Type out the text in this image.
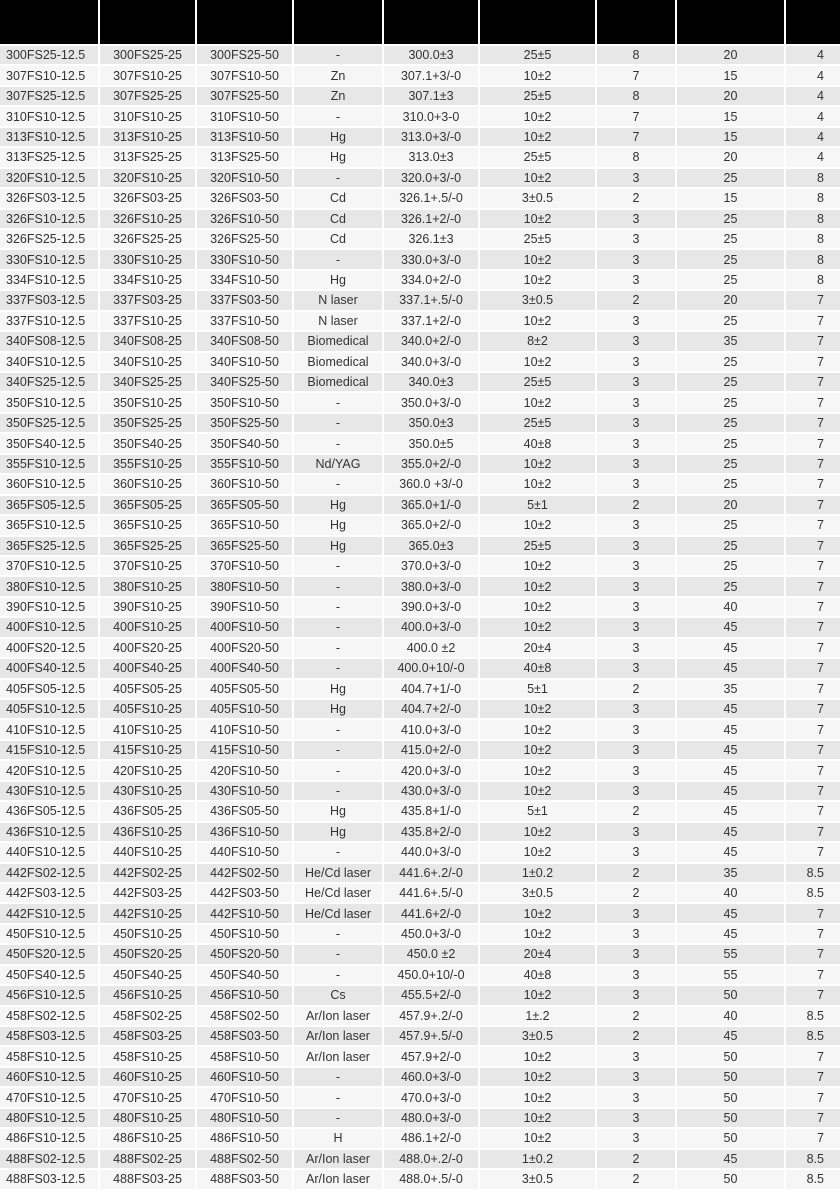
300FS25-12.5	300FS25-25	300FS25-50	-	300.0±3	25±5	8	20	4
307FS10-12.5	307FS10-25	307FS10-50	Zn	307.1+3/-0	10±2	7	15	4
307FS25-12.5	307FS25-25	307FS25-50	Zn	307.1±3	25±5	8	20	4
310FS10-12.5	310FS10-25	310FS10-50	-	310.0+3-0	10±2	7	15	4
313FS10-12.5	313FS10-25	313FS10-50	Hg	313.0+3/-0	10±2	7	15	4
313FS25-12.5	313FS25-25	313FS25-50	Hg	313.0±3	25±5	8	20	4
320FS10-12.5	320FS10-25	320FS10-50	-	320.0+3/-0	10±2	3	25	8
326FS03-12.5	326FS03-25	326FS03-50	Cd	326.1+.5/-0	3±0.5	2	15	8
326FS10-12.5	326FS10-25	326FS10-50	Cd	326.1+2/-0	10±2	3	25	8
326FS25-12.5	326FS25-25	326FS25-50	Cd	326.1±3	25±5	3	25	8
330FS10-12.5	330FS10-25	330FS10-50	-	330.0+3/-0	10±2	3	25	8
334FS10-12.5	334FS10-25	334FS10-50	Hg	334.0+2/-0	10±2	3	25	8
337FS03-12.5	337FS03-25	337FS03-50	N laser	337.1+.5/-0	3±0.5	2	20	7
337FS10-12.5	337FS10-25	337FS10-50	N laser	337.1+2/-0	10±2	3	25	7
340FS08-12.5	340FS08-25	340FS08-50	Biomedical	340.0+2/-0	8±2	3	35	7
340FS10-12.5	340FS10-25	340FS10-50	Biomedical	340.0+3/-0	10±2	3	25	7
340FS25-12.5	340FS25-25	340FS25-50	Biomedical	340.0±3	25±5	3	25	7
350FS10-12.5	350FS10-25	350FS10-50	-	350.0+3/-0	10±2	3	25	7
350FS25-12.5	350FS25-25	350FS25-50	-	350.0±3	25±5	3	25	7
350FS40-12.5	350FS40-25	350FS40-50	-	350.0±5	40±8	3	25	7
355FS10-12.5	355FS10-25	355FS10-50	Nd/YAG	355.0+2/-0	10±2	3	25	7
360FS10-12.5	360FS10-25	360FS10-50	-	360.0 +3/-0	10±2	3	25	7
365FS05-12.5	365FS05-25	365FS05-50	Hg	365.0+1/-0	5±1	2	20	7
365FS10-12.5	365FS10-25	365FS10-50	Hg	365.0+2/-0	10±2	3	25	7
365FS25-12.5	365FS25-25	365FS25-50	Hg	365.0±3	25±5	3	25	7
370FS10-12.5	370FS10-25	370FS10-50	-	370.0+3/-0	10±2	3	25	7
380FS10-12.5	380FS10-25	380FS10-50	-	380.0+3/-0	10±2	3	25	7
390FS10-12.5	390FS10-25	390FS10-50	-	390.0+3/-0	10±2	3	40	7
400FS10-12.5	400FS10-25	400FS10-50	-	400.0+3/-0	10±2	3	45	7
400FS20-12.5	400FS20-25	400FS20-50	-	400.0 ±2	20±4	3	45	7
400FS40-12.5	400FS40-25	400FS40-50	-	400.0+10/-0	40±8	3	45	7
405FS05-12.5	405FS05-25	405FS05-50	Hg	404.7+1/-0	5±1	2	35	7
405FS10-12.5	405FS10-25	405FS10-50	Hg	404.7+2/-0	10±2	3	45	7
410FS10-12.5	410FS10-25	410FS10-50	-	410.0+3/-0	10±2	3	45	7
415FS10-12.5	415FS10-25	415FS10-50	-	415.0+2/-0	10±2	3	45	7
420FS10-12.5	420FS10-25	420FS10-50	-	420.0+3/-0	10±2	3	45	7
430FS10-12.5	430FS10-25	430FS10-50	-	430.0+3/-0	10±2	3	45	7
436FS05-12.5	436FS05-25	436FS05-50	Hg	435.8+1/-0	5±1	2	45	7
436FS10-12.5	436FS10-25	436FS10-50	Hg	435.8+2/-0	10±2	3	45	7
440FS10-12.5	440FS10-25	440FS10-50	-	440.0+3/-0	10±2	3	45	7
442FS02-12.5	442FS02-25	442FS02-50	He/Cd laser	441.6+.2/-0	1±0.2	2	35	8.5
442FS03-12.5	442FS03-25	442FS03-50	He/Cd laser	441.6+.5/-0	3±0.5	2	40	8.5
442FS10-12.5	442FS10-25	442FS10-50	He/Cd laser	441.6+2/-0	10±2	3	45	7
450FS10-12.5	450FS10-25	450FS10-50	-	450.0+3/-0	10±2	3	45	7
450FS20-12.5	450FS20-25	450FS20-50	-	450.0 ±2	20±4	3	55	7
450FS40-12.5	450FS40-25	450FS40-50	-	450.0+10/-0	40±8	3	55	7
456FS10-12.5	456FS10-25	456FS10-50	Cs	455.5+2/-0	10±2	3	50	7
458FS02-12.5	458FS02-25	458FS02-50	Ar/Ion laser	457.9+.2/-0	1±.2	2	40	8.5
458FS03-12.5	458FS03-25	458FS03-50	Ar/Ion laser	457.9+.5/-0	3±0.5	2	45	8.5
458FS10-12.5	458FS10-25	458FS10-50	Ar/Ion laser	457.9+2/-0	10±2	3	50	7
460FS10-12.5	460FS10-25	460FS10-50	-	460.0+3/-0	10±2	3	50	7
470FS10-12.5	470FS10-25	470FS10-50	-	470.0+3/-0	10±2	3	50	7
480FS10-12.5	480FS10-25	480FS10-50	-	480.0+3/-0	10±2	3	50	7
486FS10-12.5	486FS10-25	486FS10-50	H	486.1+2/-0	10±2	3	50	7
488FS02-12.5	488FS02-25	488FS02-50	Ar/Ion laser	488.0+.2/-0	1±0.2	2	45	8.5
488FS03-12.5	488FS03-25	488FS03-50	Ar/Ion laser	488.0+.5/-0	3±0.5	2	50	8.5
